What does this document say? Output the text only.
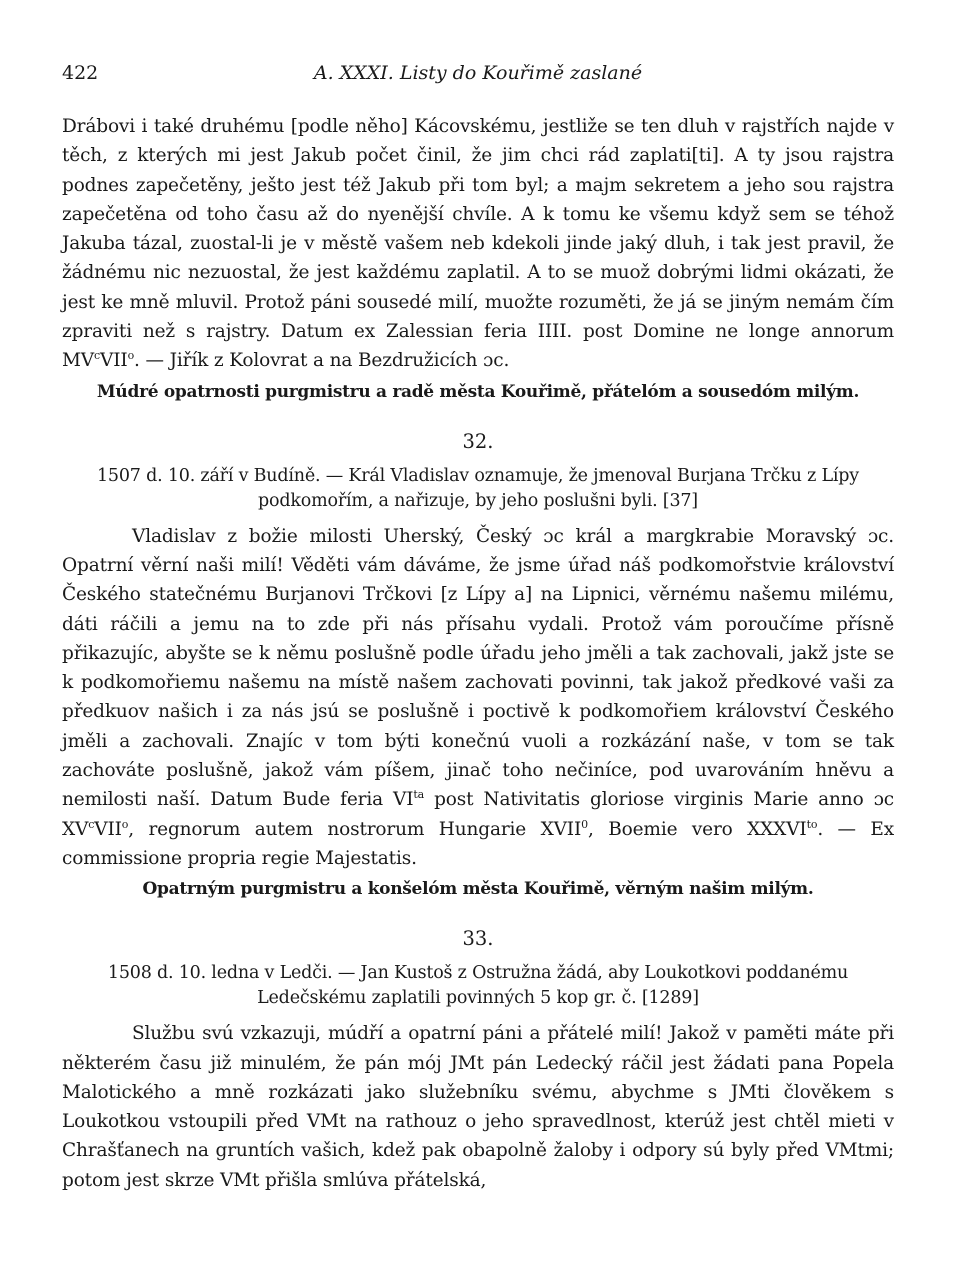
422	A. XXXI. Listy do Kouřimě zaslané

Drábovi i také druhému [podle něho] Kácovskému, jestliže se ten dluh v rajstřích najde v těch, z kterých mi jest Jakub počet činil, že jim chci rád zaplati[ti]. A ty jsou rajstra podnes zapečetěny, ješto jest též Jakub při tom byl; a majm sekretem a jeho sou rajstra zapečetěna od toho času až do nyenější chvíle. A k tomu ke všemu když sem se téhož Jakuba tázal, zuostal-li je v městě vašem neb kdekoli jinde jaký dluh, i tak jest pravil, že žádnému nic nezuostal, že jest každému zaplatil. A to se muož dobrými lidmi okázati, že jest ke mně mluvil. Protož páni sousedé milí, muožte rozuměti, že já se jiným nemám čím zpraviti než s rajstry. Datum ex Zalessian feria IIII. post Domine ne longe annorum $MV^cVII^o$. — Jiřík z Kolovrat a na Bezdružicích ɔc.

Múdré opatrnosti purgmistru a radě města Kouřimě, přátelóm a sousedóm milým.

32.

1507 d. 10. září v Budíně. — Král Vladislav oznamuje, že jmenoval Burjana Trčku z Lípy podkomořím, a nařizuje, by jeho poslušni byli. [37]

Vladislav z božie milosti Uherský, Český ɔc král a margkrabie Moravský ɔc. Opatrní věrní naši milí! Věděti vám dáváme, že jsme úřad náš podkomořstvie království Českého statečnému Burjanovi Trčkovi [z Lípy a] na Lipnici, věrnému našemu milému, dáti ráčili a jemu na to zde při nás přísahu vydali. Protož vám poroučíme přísně přikazujíc, abyšte se k němu poslušně podle úřadu jeho jměli a tak zachovali, jakž jste se k podkomořiemu našemu na místě našem zachovati povinni, tak jakož předkové vaši za předkuov našich i za nás jsú se poslušně i poctivě k podkomořiem království Českého jměli a zachovali. Znajíc v tom býti konečnú vuoli a rozkázání naše, v tom se tak zachováte poslušně, jakož vám píšem, jinač toho nečiníce, pod uvarováním hněvu a nemilosti naší. Datum Bude feria $VI^{ta}$ post Nativitatis gloriose virginis Marie anno ɔc $XV^cVII^o$, regnorum autem nostrorum Hungarie XVII$^0$, Boemie vero $XXXVI^{to}$. — Ex commissione propria regie Majestatis.

Opatrným purgmistru a konšelóm města Kouřimě, věrným našim milým.

33.

1508 d. 10. ledna v Ledči. — Jan Kustoš z Ostružna žádá, aby Loukotkovi poddanému Ledečskému zaplatili povinných 5 kop gr. č. [1289]

Službu svú vzkazuji, múdří a opatrní páni a přátelé milí! Jakož v paměti máte při některém času již minulém, že pán mój JMt pán Ledecký ráčil jest žádati pana Popela Malotického a mně rozkázati jako služebníku svému, abychme s JMti člověkem s Loukotkou vstoupili před VMt na rathouz o jeho spravedlnost, kterúž jest chtěl mieti v Chrašťanech na gruntích vašich, kdež pak obapolně žaloby i odpory sú byly před VMtmi; potom jest skrze VMt přišla smlúva přátelská,
